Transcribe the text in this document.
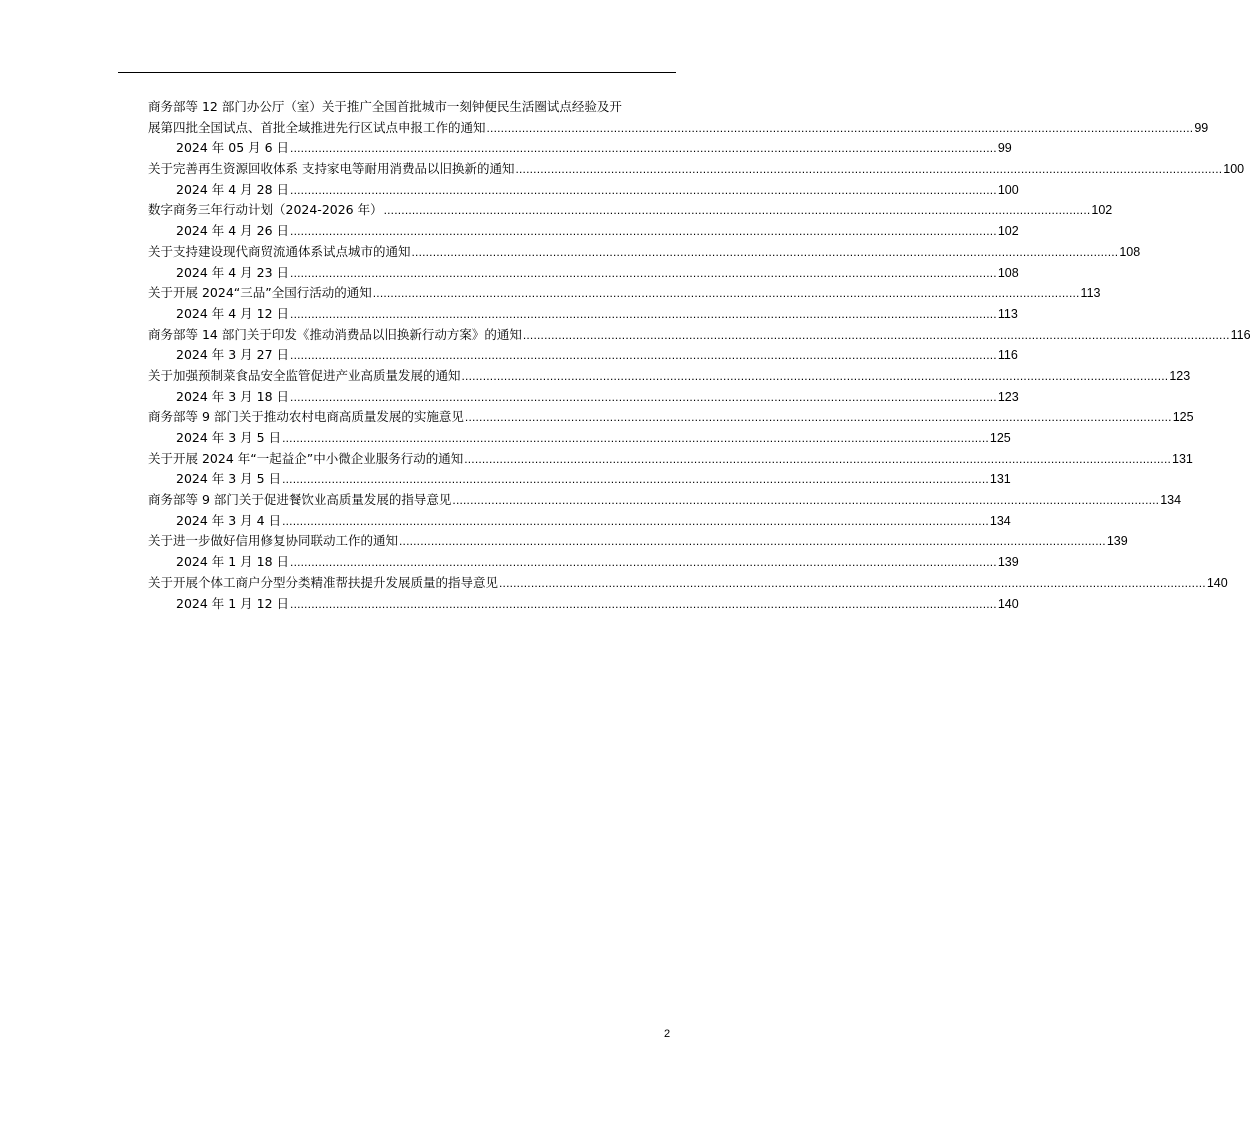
商务部等 12 部门办公厅（室）关于推广全国首批城市一刻钟便民生活圈试点经验及开
展第四批全国试点、首批全域推进先行区试点申报工作的通知 ........................................................................................................................................................................................................ 99
2024 年 05 月 6 日 ........................................................................................................................................................................................................ 99
关于完善再生资源回收体系 支持家电等耐用消费品以旧换新的通知 ........................................................................................................................................................................................................ 100
2024 年 4 月 28 日 ........................................................................................................................................................................................................ 100
数字商务三年行动计划（2024-2026 年） ........................................................................................................................................................................................................ 102
2024 年 4 月 26 日 ........................................................................................................................................................................................................ 102
关于支持建设现代商贸流通体系试点城市的通知 ........................................................................................................................................................................................................ 108
2024 年 4 月 23 日 ........................................................................................................................................................................................................ 108
关于开展 2024“三品”全国行活动的通知 ........................................................................................................................................................................................................ 113
2024 年 4 月 12 日 ........................................................................................................................................................................................................ 113
商务部等 14 部门关于印发《推动消费品以旧换新行动方案》的通知 ........................................................................................................................................................................................................ 116
2024 年 3 月 27 日 ........................................................................................................................................................................................................ 116
关于加强预制菜食品安全监管促进产业高质量发展的通知 ........................................................................................................................................................................................................ 123
2024 年 3 月 18 日 ........................................................................................................................................................................................................ 123
商务部等 9 部门关于推动农村电商高质量发展的实施意见 ........................................................................................................................................................................................................ 125
2024 年 3 月 5 日 ........................................................................................................................................................................................................ 125
关于开展 2024 年“一起益企”中小微企业服务行动的通知 ........................................................................................................................................................................................................ 131
2024 年 3 月 5 日 ........................................................................................................................................................................................................ 131
商务部等 9 部门关于促进餐饮业高质量发展的指导意见 ........................................................................................................................................................................................................ 134
2024 年 3 月 4 日 ........................................................................................................................................................................................................ 134
关于进一步做好信用修复协同联动工作的通知 ........................................................................................................................................................................................................ 139
2024 年 1 月 18 日 ........................................................................................................................................................................................................ 139
关于开展个体工商户分型分类精准帮扶提升发展质量的指导意见 ........................................................................................................................................................................................................ 140
2024 年 1 月 12 日 ........................................................................................................................................................................................................ 140
2
